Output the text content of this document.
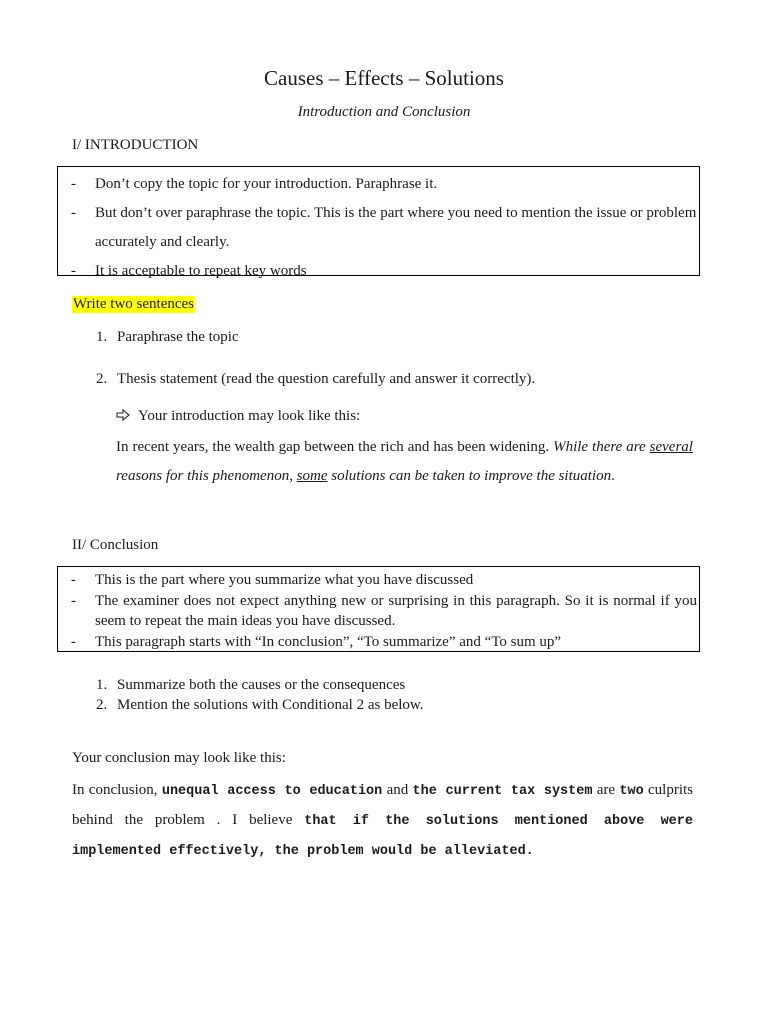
Causes – Effects – Solutions
Introduction and Conclusion
I/ INTRODUCTION
- Don’t copy the topic for your introduction. Paraphrase it.
- But don’t over paraphrase the topic. This is the part where you need to mention the issue or problem accurately and clearly.
- It is acceptable to repeat key words
Write two sentences
1. Paraphrase the topic
2. Thesis statement (read the question carefully and answer it correctly).
Your introduction may look like this:
In recent years, the wealth gap between the rich and has been widening. While there are several reasons for this phenomenon, some solutions can be taken to improve the situation.
II/ Conclusion
- This is the part where you summarize what you have discussed
- The examiner does not expect anything new or surprising in this paragraph. So it is normal if you seem to repeat the main ideas you have discussed.
- This paragraph starts with “In conclusion”, “To summarize” and “To sum up”
1. Summarize both the causes or the consequences
2. Mention the solutions with Conditional 2 as below.
Your conclusion may look like this:
In conclusion, unequal access to education and the current tax system are two culprits behind the problem . I believe that if the solutions mentioned above were implemented effectively, the problem would be alleviated.
